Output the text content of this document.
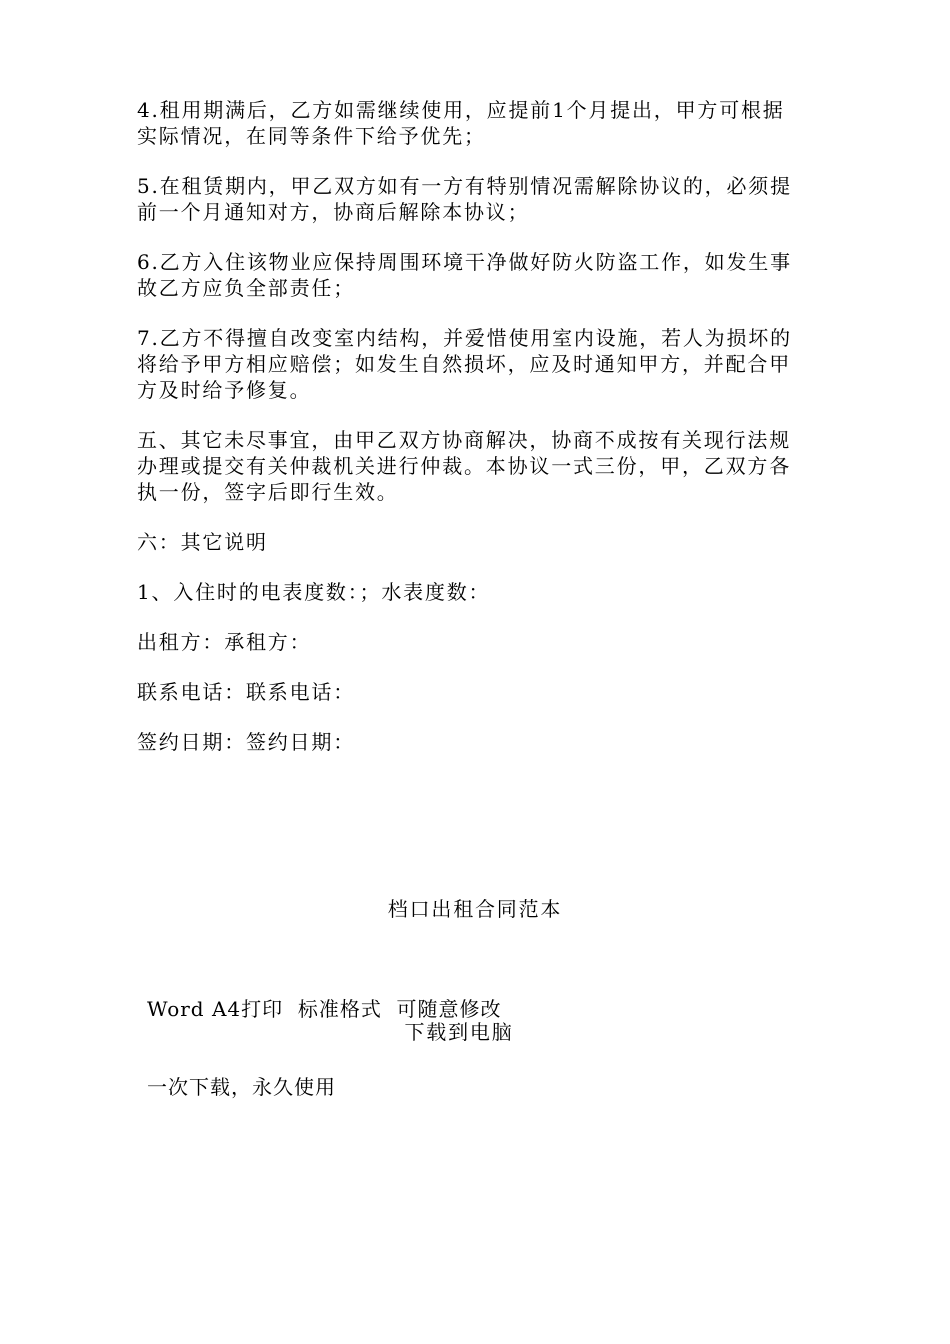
4.租用期满后，乙方如需继续使用，应提前1个月提出，甲方可根据
实际情况，在同等条件下给予优先；
5.在租赁期内，甲乙双方如有一方有特别情况需解除协议的，必须提
前一个月通知对方，协商后解除本协议；
6.乙方入住该物业应保持周围环境干净做好防火防盗工作，如发生事
故乙方应负全部责任；
7.乙方不得擅自改变室内结构，并爱惜使用室内设施，若人为损坏的
将给予甲方相应赔偿；如发生自然损坏，应及时通知甲方，并配合甲
方及时给予修复。
五、其它未尽事宜，由甲乙双方协商解决，协商不成按有关现行法规
办理或提交有关仲裁机关进行仲裁。本协议一式三份，甲，乙双方各
执一份，签字后即行生效。
六：其它说明
1、入住时的电表度数：；水表度数：
出租方：承租方：
联系电话：联系电话：
签约日期：签约日期：
档口出租合同范本

Word A4打印  标准格式  可随意修改

一次下载，永久使用

下载到电脑
